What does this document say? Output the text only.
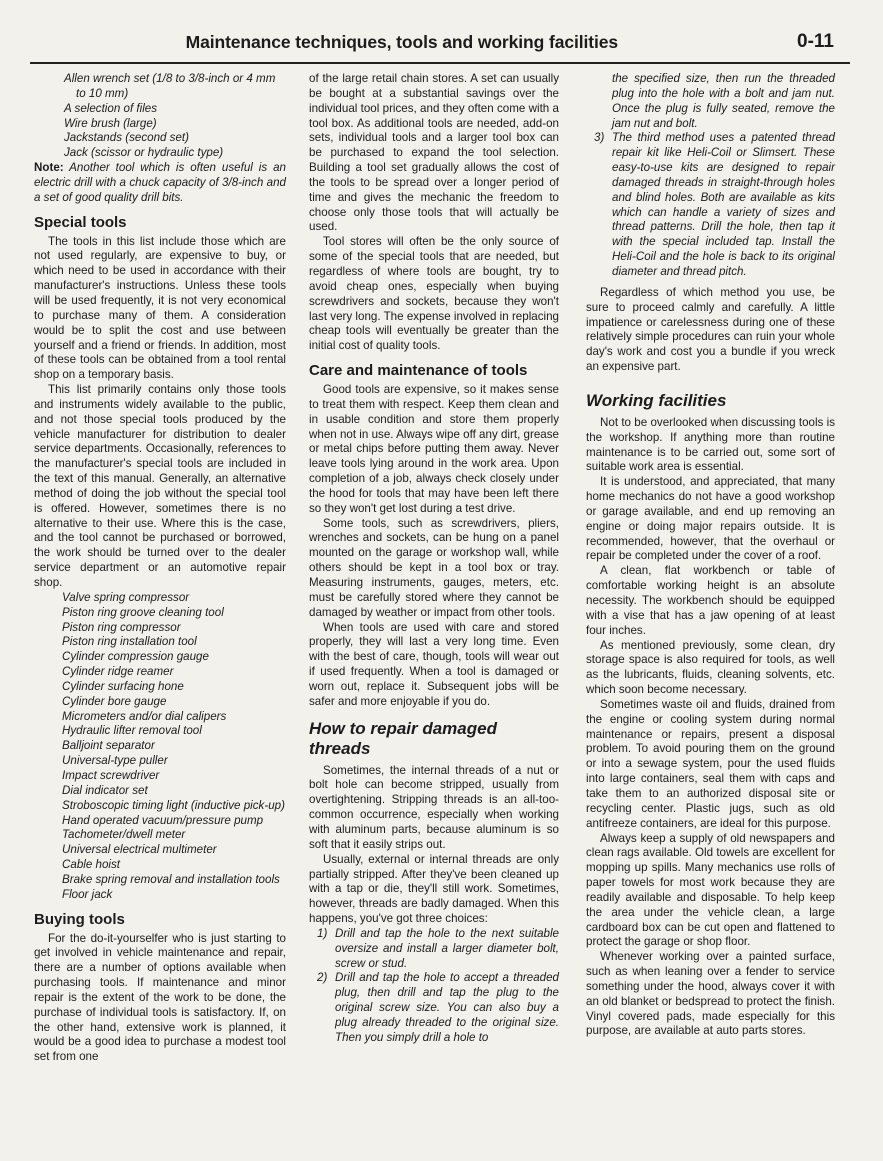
Maintenance techniques, tools and working facilities	0-11
Allen wrench set (1/8 to 3/8-inch or 4 mm to 10 mm)
A selection of files
Wire brush (large)
Jackstands (second set)
Jack (scissor or hydraulic type)

Note: Another tool which is often useful is an electric drill with a chuck capacity of 3/8-inch and a set of good quality drill bits.

Special tools

The tools in this list include those which are not used regularly, are expensive to buy, or which need to be used in accordance with their manufacturer's instructions. Unless these tools will be used frequently, it is not very economical to purchase many of them. A consideration would be to split the cost and use between yourself and a friend or friends. In addition, most of these tools can be obtained from a tool rental shop on a temporary basis.

This list primarily contains only those tools and instruments widely available to the public, and not those special tools produced by the vehicle manufacturer for distribution to dealer service departments. Occasionally, references to the manufacturer's special tools are included in the text of this manual. Generally, an alternative method of doing the job without the special tool is offered. However, sometimes there is no alternative to their use. Where this is the case, and the tool cannot be purchased or borrowed, the work should be turned over to the dealer service department or an automotive repair shop.

Valve spring compressor
Piston ring groove cleaning tool
Piston ring compressor
Piston ring installation tool
Cylinder compression gauge
Cylinder ridge reamer
Cylinder surfacing hone
Cylinder bore gauge
Micrometers and/or dial calipers
Hydraulic lifter removal tool
Balljoint separator
Universal-type puller
Impact screwdriver
Dial indicator set
Stroboscopic timing light (inductive pick-up)
Hand operated vacuum/pressure pump
Tachometer/dwell meter
Universal electrical multimeter
Cable hoist
Brake spring removal and installation tools
Floor jack
Buying tools

For the do-it-yourselfer who is just starting to get involved in vehicle maintenance and repair, there are a number of options available when purchasing tools. If maintenance and minor repair is the extent of the work to be done, the purchase of individual tools is satisfactory. If, on the other hand, extensive work is planned, it would be a good idea to purchase a modest tool set from one

of the large retail chain stores. A set can usually be bought at a substantial savings over the individual tool prices, and they often come with a tool box. As additional tools are needed, add-on sets, individual tools and a larger tool box can be purchased to expand the tool selection. Building a tool set gradually allows the cost of the tools to be spread over a longer period of time and gives the mechanic the freedom to choose only those tools that will actually be used.

Tool stores will often be the only source of some of the special tools that are needed, but regardless of where tools are bought, try to avoid cheap ones, especially when buying screwdrivers and sockets, because they won't last very long. The expense involved in replacing cheap tools will eventually be greater than the initial cost of quality tools.

Care and maintenance of tools

Good tools are expensive, so it makes sense to treat them with respect. Keep them clean and in usable condition and store them properly when not in use. Always wipe off any dirt, grease or metal chips before putting them away. Never leave tools lying around in the work area. Upon completion of a job, always check closely under the hood for tools that may have been left there so they won't get lost during a test drive.

Some tools, such as screwdrivers, pliers, wrenches and sockets, can be hung on a panel mounted on the garage or workshop wall, while others should be kept in a tool box or tray. Measuring instruments, gauges, meters, etc. must be carefully stored where they cannot be damaged by weather or impact from other tools.

When tools are used with care and stored properly, they will last a very long time. Even with the best of care, though, tools will wear out if used frequently. When a tool is damaged or worn out, replace it. Subsequent jobs will be safer and more enjoyable if you do.

How to repair damaged threads

Sometimes, the internal threads of a nut or bolt hole can become stripped, usually from overtightening. Stripping threads is an all-too-common occurrence, especially when working with aluminum parts, because aluminum is so soft that it easily strips out.

Usually, external or internal threads are only partially stripped. After they've been cleaned up with a tap or die, they'll still work. Sometimes, however, threads are badly damaged. When this happens, you've got three choices:

1) Drill and tap the hole to the next suitable oversize and install a larger diameter bolt, screw or stud.
2) Drill and tap the hole to accept a threaded plug, then drill and tap the plug to the original screw size. You can also buy a plug already threaded to the original size. Then you simply drill a hole to
the specified size, then run the threaded plug into the hole with a bolt and jam nut. Once the plug is fully seated, remove the jam nut and bolt.
3) The third method uses a patented thread repair kit like Heli-Coil or Slimsert. These easy-to-use kits are designed to repair damaged threads in straight-through holes and blind holes. Both are available as kits which can handle a variety of sizes and thread patterns. Drill the hole, then tap it with the special included tap. Install the Heli-Coil and the hole is back to its original diameter and thread pitch.

Regardless of which method you use, be sure to proceed calmly and carefully. A little impatience or carelessness during one of these relatively simple procedures can ruin your whole day's work and cost you a bundle if you wreck an expensive part.

Working facilities

Not to be overlooked when discussing tools is the workshop. If anything more than routine maintenance is to be carried out, some sort of suitable work area is essential.

It is understood, and appreciated, that many home mechanics do not have a good workshop or garage available, and end up removing an engine or doing major repairs outside. It is recommended, however, that the overhaul or repair be completed under the cover of a roof.

A clean, flat workbench or table of comfortable working height is an absolute necessity. The workbench should be equipped with a vise that has a jaw opening of at least four inches.

As mentioned previously, some clean, dry storage space is also required for tools, as well as the lubricants, fluids, cleaning solvents, etc. which soon become necessary.

Sometimes waste oil and fluids, drained from the engine or cooling system during normal maintenance or repairs, present a disposal problem. To avoid pouring them on the ground or into a sewage system, pour the used fluids into large containers, seal them with caps and take them to an authorized disposal site or recycling center. Plastic jugs, such as old antifreeze containers, are ideal for this purpose.

Always keep a supply of old newspapers and clean rags available. Old towels are excellent for mopping up spills. Many mechanics use rolls of paper towels for most work because they are readily available and disposable. To help keep the area under the vehicle clean, a large cardboard box can be cut open and flattened to protect the garage or shop floor.

Whenever working over a painted surface, such as when leaning over a fender to service something under the hood, always cover it with an old blanket or bedspread to protect the finish. Vinyl covered pads, made especially for this purpose, are available at auto parts stores.
